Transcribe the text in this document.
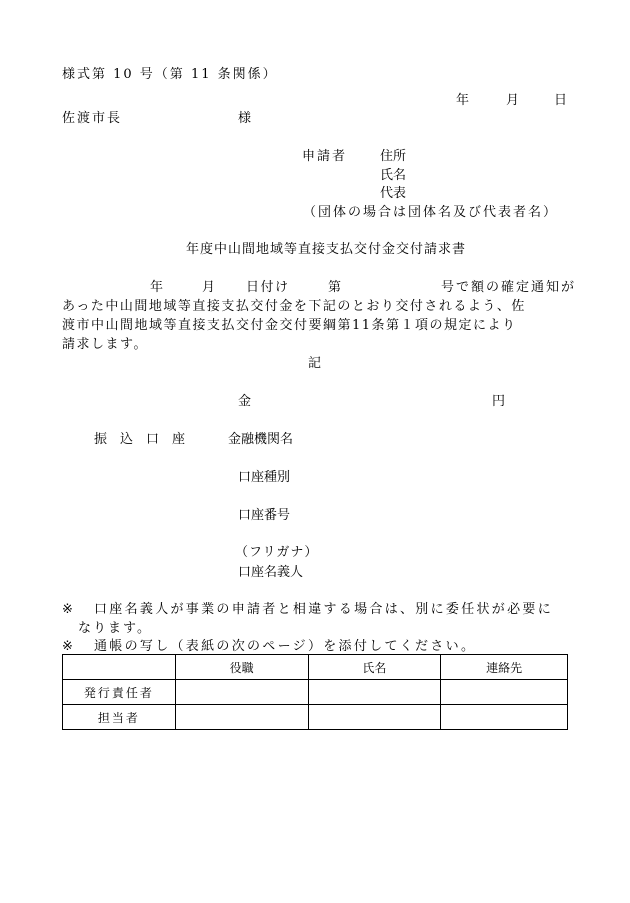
様式第 10 号（第 11 条関係）
年	月	日
佐渡市長	様
申請者	住所
氏名
代表
（団体の場合は団体名及び代表者名）
年度中山間地域等直接支払交付金交付請求書
年	月 日付け	第	号で額の確定通知が
あった中山間地域等直接支払交付金を下記のとおり交付されるよう、佐
渡市中山間地域等直接支払交付金交付要綱第11条第１項の規定により
請求します。
記
金	円
振　込　口　座	金融機関名
口座種別
口座番号
（フリガナ）
口座名義人
※ 口座名義人が事業の申請者と相違する場合は、別に委任状が必要に
なります。
※ 通帳の写し（表紙の次のページ）を添付してください。
	役職	氏名	連絡先
発行責任者			
担当者			
